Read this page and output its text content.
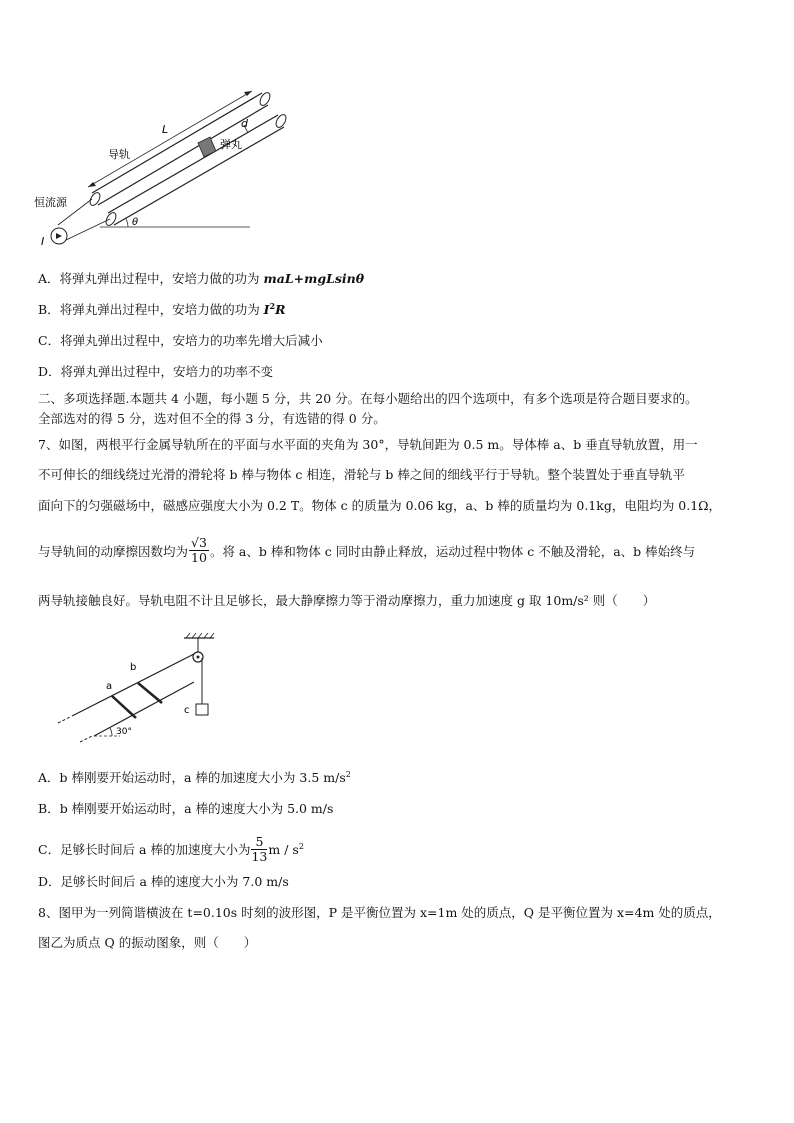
L	d
导轨
弹丸
恒流源
I
θ
A．将弹丸弹出过程中，安培力做的功为 maL+mgLsinθ
B．将弹丸弹出过程中，安培力做的功为 $I^2R$
C．将弹丸弹出过程中，安培力的功率先增大后减小
D．将弹丸弹出过程中，安培力的功率不变
二、多项选择题.本题共 4 小题，每小题 5 分，共 20 分。在每小题给出的四个选项中，有多个选项是符合题目要求的。
全部选对的得 5 分，选对但不全的得 3 分，有选错的得 0 分。
7、如图，两根平行金属导轨所在的平面与水平面的夹角为 30°，导轨间距为 0.5 m。导体棒 a、b 垂直导轨放置，用一
不可伸长的细线绕过光滑的滑轮将 b 棒与物体 c 相连，滑轮与 b 棒之间的细线平行于导轨。整个装置处于垂直导轨平
面向下的匀强磁场中，磁感应强度大小为 0.2 T。物体 c 的质量为 0.06 kg，a、b 棒的质量均为 0.1kg，电阻均为 0.1Ω，
与导轨间的动摩擦因数均为 $\frac{√3}{10}$ 。将 a、b 棒和物体 c 同时由静止释放，运动过程中物体 c 不触及滑轮，a、b 棒始终与
两导轨接触良好。导轨电阻不计且足够长，最大静摩擦力等于滑动摩擦力，重力加速度 g 取 10m/s² 则（　　）
a
b
c
30°
A．b 棒刚要开始运动时，a 棒的加速度大小为 3.5 $m/s^2$
B．b 棒刚要开始运动时，a 棒的速度大小为 5.0 m/s
C．足够长时间后 a 棒的加速度大小为 $\frac{5}{13}$ m / $s^2$
D．足够长时间后 a 棒的速度大小为 7.0 m/s
8、图甲为一列简谐横波在 t=0.10s 时刻的波形图，P 是平衡位置为 x=1m 处的质点，Q 是平衡位置为 x=4m 处的质点，
图乙为质点 Q 的振动图象，则（　　）
